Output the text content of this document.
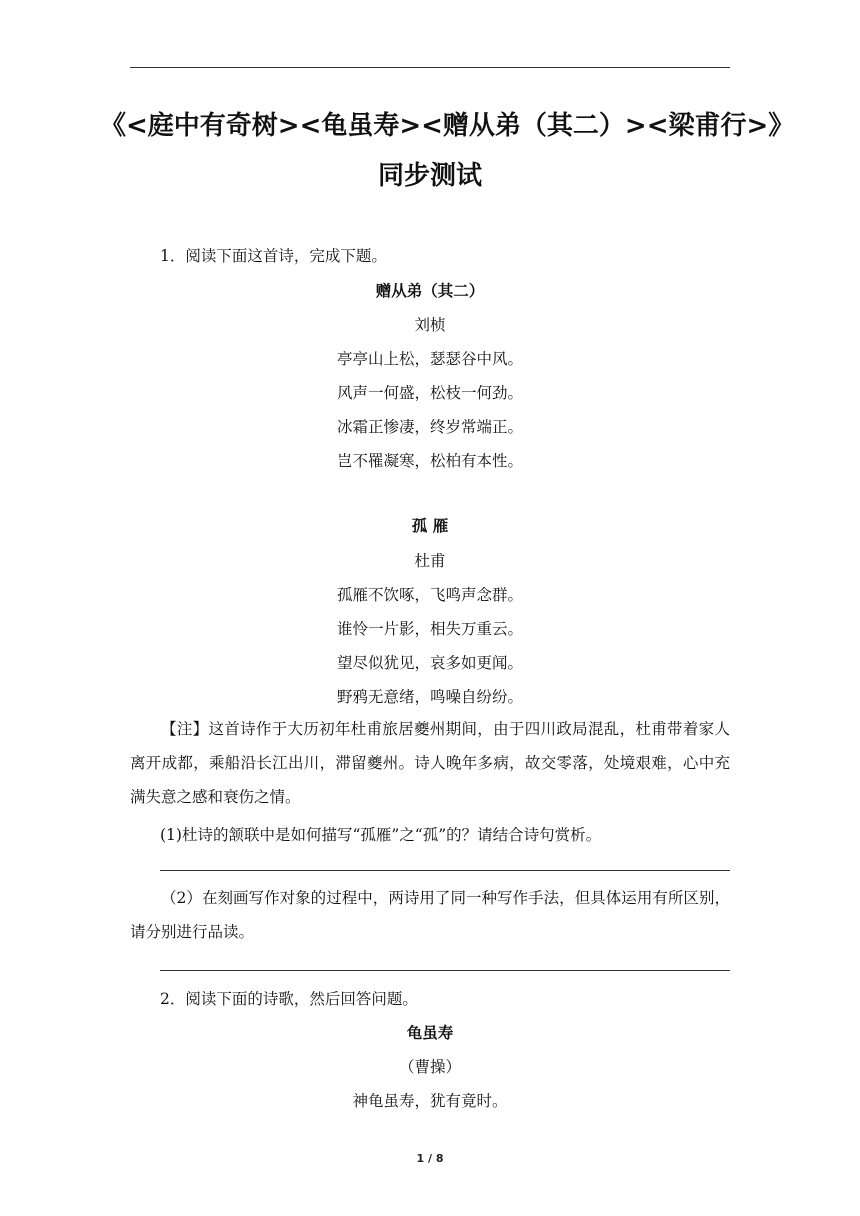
《<庭中有奇树><龟虽寿><赠从弟（其二）><梁甫行>》
同步测试
1．阅读下面这首诗，完成下题。
赠从弟（其二）
刘桢
亭亭山上松，瑟瑟谷中风。
风声一何盛，松枝一何劲。
冰霜正惨凄，终岁常端正。
岂不罹凝寒，松柏有本性。
孤 雁
杜甫
孤雁不饮啄，飞鸣声念群。
谁怜一片影，相失万重云。
望尽似犹见，哀多如更闻。
野鸦无意绪，鸣噪自纷纷。
【注】这首诗作于大历初年杜甫旅居夔州期间，由于四川政局混乱，杜甫带着家人离开成都，乘船沿长江出川，滞留夔州。诗人晚年多病，故交零落，处境艰难，心中充满失意之感和衰伤之情。
(1)杜诗的颔联中是如何描写“孤雁”之“孤”的？请结合诗句赏析。
（2）在刻画写作对象的过程中，两诗用了同一种写作手法，但具体运用有所区别，请分别进行品读。
2．阅读下面的诗歌，然后回答问题。
龟虽寿
（曹操）
神龟虽寿，犹有竟时。
1 / 8
